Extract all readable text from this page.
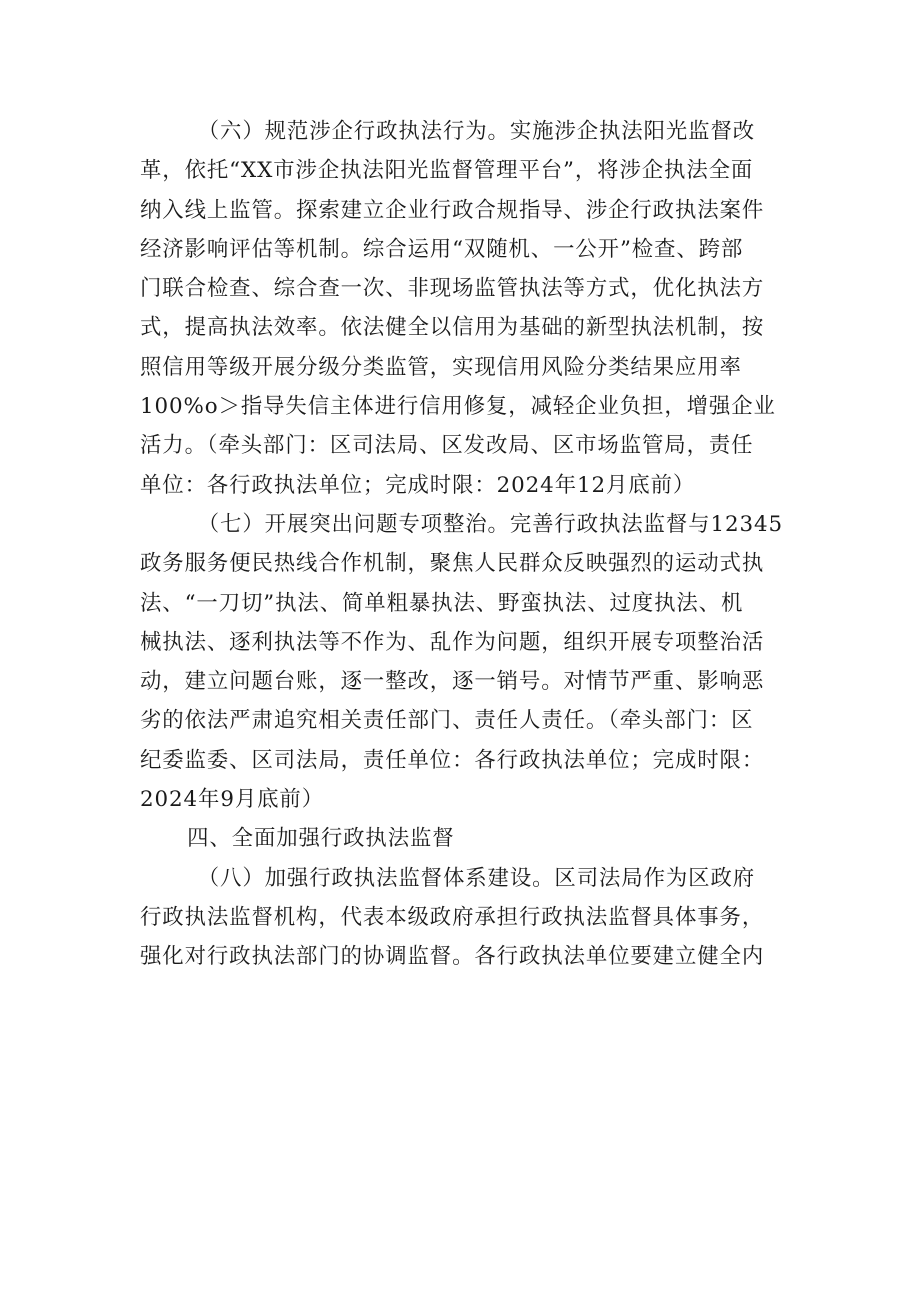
（六）规范涉企行政执法行为。实施涉企执法阳光监督改
革，依托“XX市涉企执法阳光监督管理平台”，将涉企执法全面
纳入线上监管。探索建立企业行政合规指导、涉企行政执法案件
经济影响评估等机制。综合运用“双随机、一公开”检查、跨部
门联合检查、综合查一次、非现场监管执法等方式，优化执法方
式，提高执法效率。依法健全以信用为基础的新型执法机制，按
照信用等级开展分级分类监管，实现信用风险分类结果应用率
100%o＞指导失信主体进行信用修复，减轻企业负担，增强企业
活力。（牵头部门：区司法局、区发改局、区市场监管局，责任
单位：各行政执法单位；完成时限：2024年12月底前）

（七）开展突出问题专项整治。完善行政执法监督与12345
政务服务便民热线合作机制，聚焦人民群众反映强烈的运动式执
法、“一刀切”执法、简单粗暴执法、野蛮执法、过度执法、机
械执法、逐利执法等不作为、乱作为问题，组织开展专项整治活
动，建立问题台账，逐一整改，逐一销号。对情节严重、影响恶
劣的依法严肃追究相关责任部门、责任人责任。（牵头部门：区
纪委监委、区司法局，责任单位：各行政执法单位；完成时限：
2024年9月底前）

四、全面加强行政执法监督

（八）加强行政执法监督体系建设。区司法局作为区政府
行政执法监督机构，代表本级政府承担行政执法监督具体事务，
强化对行政执法部门的协调监督。各行政执法单位要建立健全内
